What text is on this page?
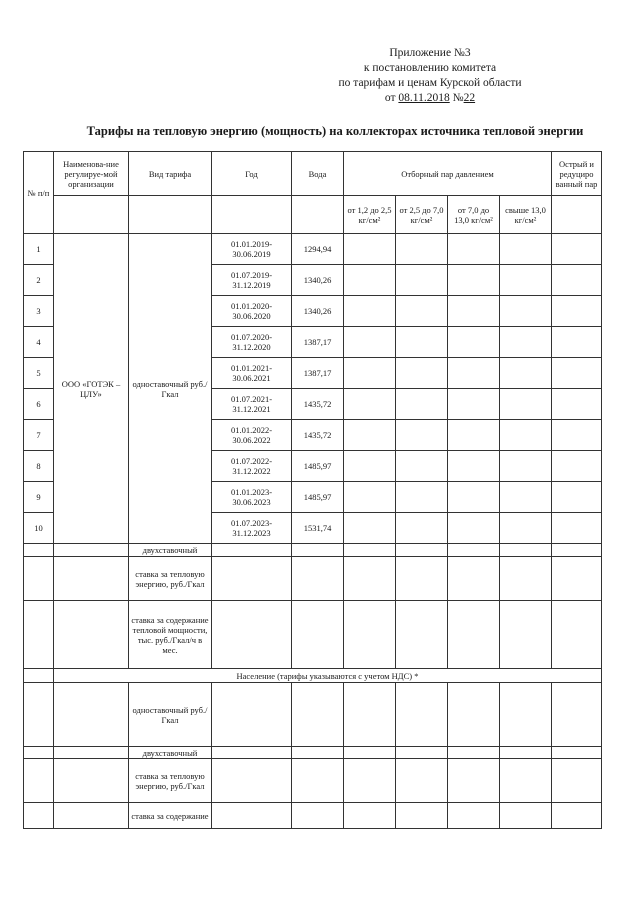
Приложение №3
к постановлению комитета
по тарифам и ценам Курской области
от 08.11.2018 №22
Тарифы на тепловую энергию (мощность) на коллекторах источника тепловой энергии
№ п/п	Наименова-ние регулируе-мой организации	Вид тарифа	Год	Вода	Отборный пар давлением				Острый и редуциро ванный пар
					от 1,2 до 2,5 кг/см²	от 2,5 до 7,0 кг/см²	от 7,0 до 13,0 кг/см²	свыше 13,0 кг/см²	
1	ООО «ГОТЭК – ЦЛУ»	одноставочный руб./Гкал	01.01.2019-30.06.2019	1294,94					
2			01.07.2019-31.12.2019	1340,26					
3			01.01.2020-30.06.2020	1340,26					
4			01.07.2020-31.12.2020	1387,17					
5			01.01.2021-30.06.2021	1387,17					
6			01.07.2021-31.12.2021	1435,72					
7			01.01.2022-30.06.2022	1435,72					
8			01.07.2022-31.12.2022	1485,97					
9			01.01.2023-30.06.2023	1485,97					
10			01.07.2023-31.12.2023	1531,74					
		двухставочный							
		ставка за тепловую энергию, руб./Гкал							
		ставка за содержание тепловой мощности, тыс. руб./Гкал/ч в мес.							
	Население (тарифы указываются с учетом НДС) *								
		одноставочный руб./Гкал							
		двухставочный							
		ставка за тепловую энергию, руб./Гкал							
		ставка за содержание							
